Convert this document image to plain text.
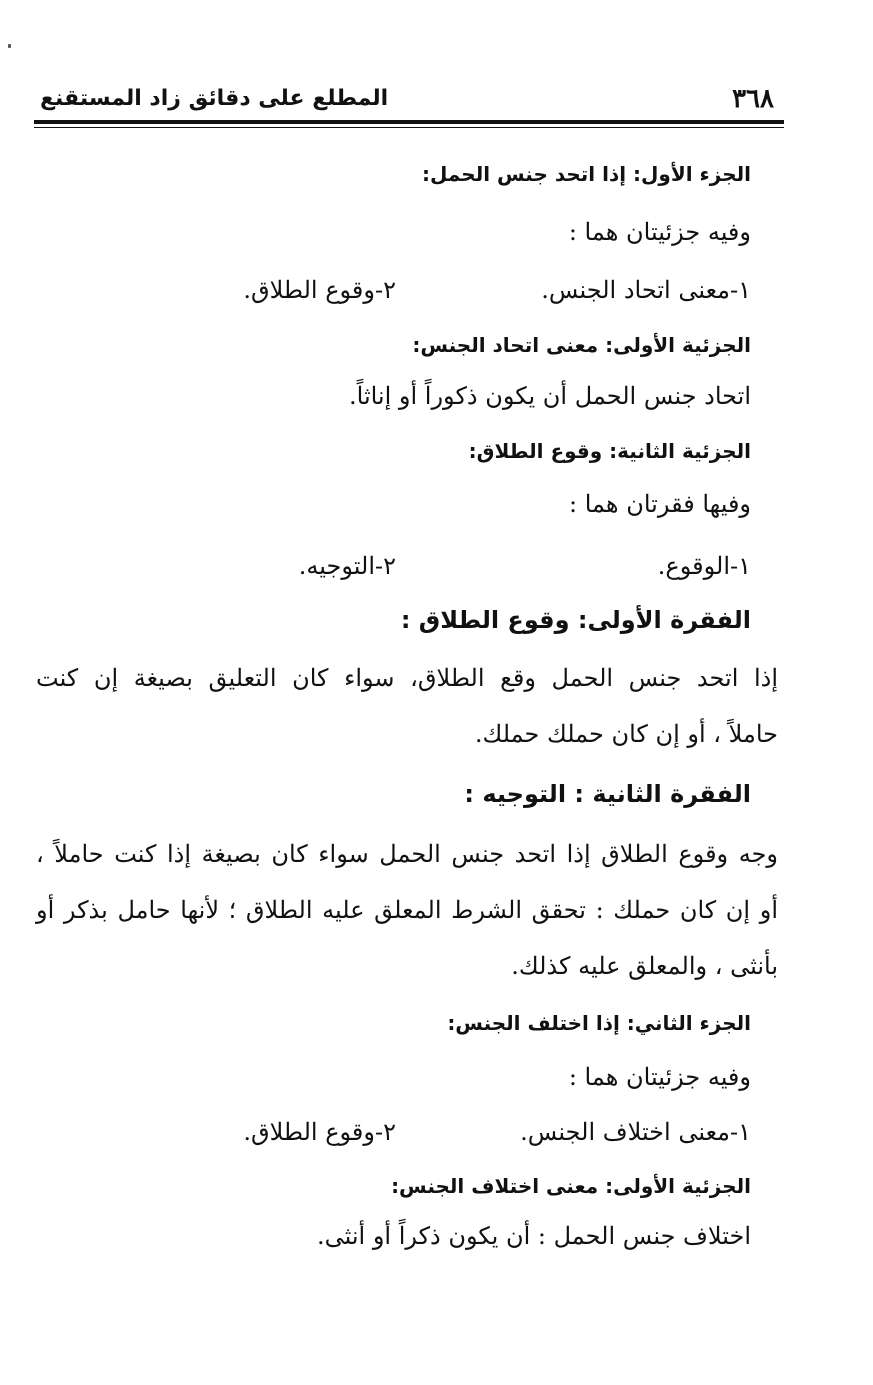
٣٦٨
المطلع على دقائق زاد المستقنع
الجزء الأول: إذا اتحد جنس الحمل:
وفيه جزئيتان هما :
١-معنى اتحاد الجنس.
٢-وقوع الطلاق.
الجزئية الأولى: معنى اتحاد الجنس:
اتحاد جنس الحمل أن يكون ذكوراً أو إناثاً.
الجزئية الثانية: وقوع الطلاق:
وفيها فقرتان هما :
١-الوقوع.
٢-التوجيه.
الفقرة الأولى: وقوع الطلاق :
إذا اتحد جنس الحمل وقع الطلاق، سواء كان التعليق بصيغة إن كنت
حاملاً ، أو إن كان حملك حملك.
الفقرة الثانية : التوجيه :
وجه وقوع الطلاق إذا اتحد جنس الحمل سواء كان بصيغة إذا كنت حاملاً ،
أو إن كان حملك : تحقق الشرط المعلق عليه الطلاق ؛ لأنها حامل بذكر أو
بأنثى ، والمعلق عليه كذلك.
الجزء الثاني: إذا اختلف الجنس:
وفيه جزئيتان هما :
١-معنى اختلاف الجنس.
٢-وقوع الطلاق.
الجزئية الأولى: معنى اختلاف الجنس:
اختلاف جنس الحمل : أن يكون ذكراً أو أنثى.
